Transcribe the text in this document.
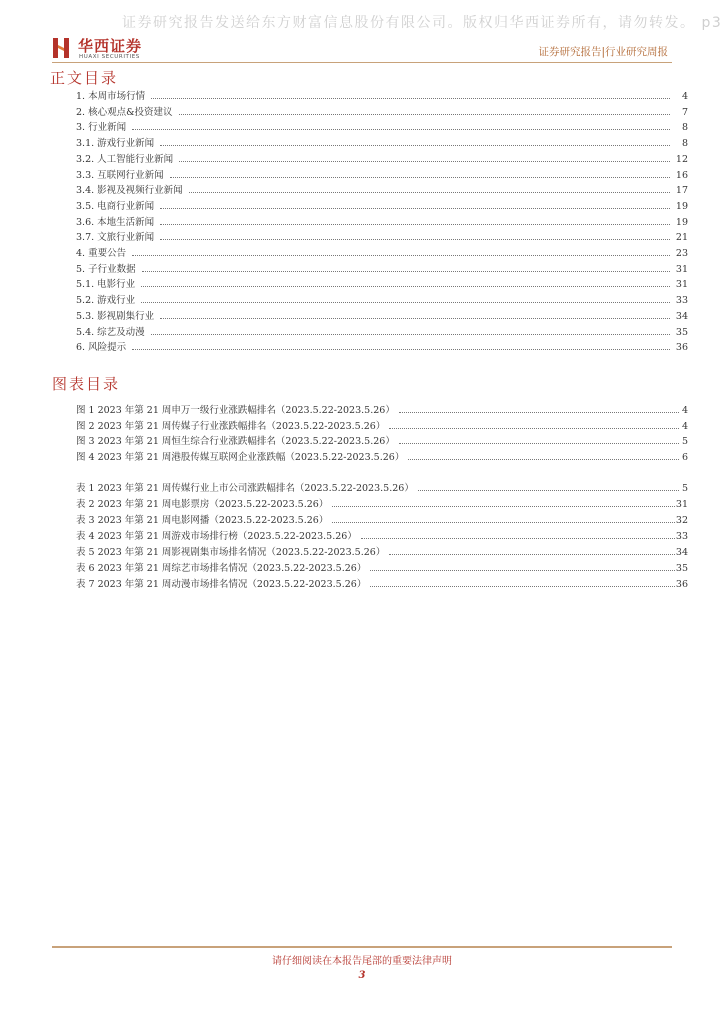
证券研究报告发送给东方财富信息股份有限公司。版权归华西证券所有，请勿转发。 p3
华西证券
HUAXI SECURITIES	证券研究报告|行业研究周报
正文目录
1. 本周市场行情	4
2. 核心观点&投资建议	7
3. 行业新闻	8
3.1. 游戏行业新闻	8
3.2. 人工智能行业新闻	12
3.3. 互联网行业新闻	16
3.4. 影视及视频行业新闻	17
3.5. 电商行业新闻	19
3.6. 本地生活新闻	19
3.7. 文旅行业新闻	21
4. 重要公告	23
5. 子行业数据	31
5.1. 电影行业	31
5.2. 游戏行业	33
5.3. 影视剧集行业	34
5.4. 综艺及动漫	35
6. 风险提示	36
图表目录
图 1 2023 年第 21 周申万一级行业涨跌幅排名（2023.5.22-2023.5.26）	4
图 2 2023 年第 21 周传媒子行业涨跌幅排名（2023.5.22-2023.5.26）	4
图 3 2023 年第 21 周恒生综合行业涨跌幅排名（2023.5.22-2023.5.26）	5
图 4 2023 年第 21 周港股传媒互联网企业涨跌幅（2023.5.22-2023.5.26）	6
表 1 2023 年第 21 周传媒行业上市公司涨跌幅排名（2023.5.22-2023.5.26）	5
表 2 2023 年第 21 周电影票房（2023.5.22-2023.5.26）	31
表 3 2023 年第 21 周电影网播（2023.5.22-2023.5.26）	32
表 4 2023 年第 21 周游戏市场排行榜（2023.5.22-2023.5.26）	33
表 5 2023 年第 21 周影视剧集市场排名情况（2023.5.22-2023.5.26）	34
表 6 2023 年第 21 周综艺市场排名情况（2023.5.22-2023.5.26）	35
表 7 2023 年第 21 周动漫市场排名情况（2023.5.22-2023.5.26）	36
请仔细阅读在本报告尾部的重要法律声明
3
